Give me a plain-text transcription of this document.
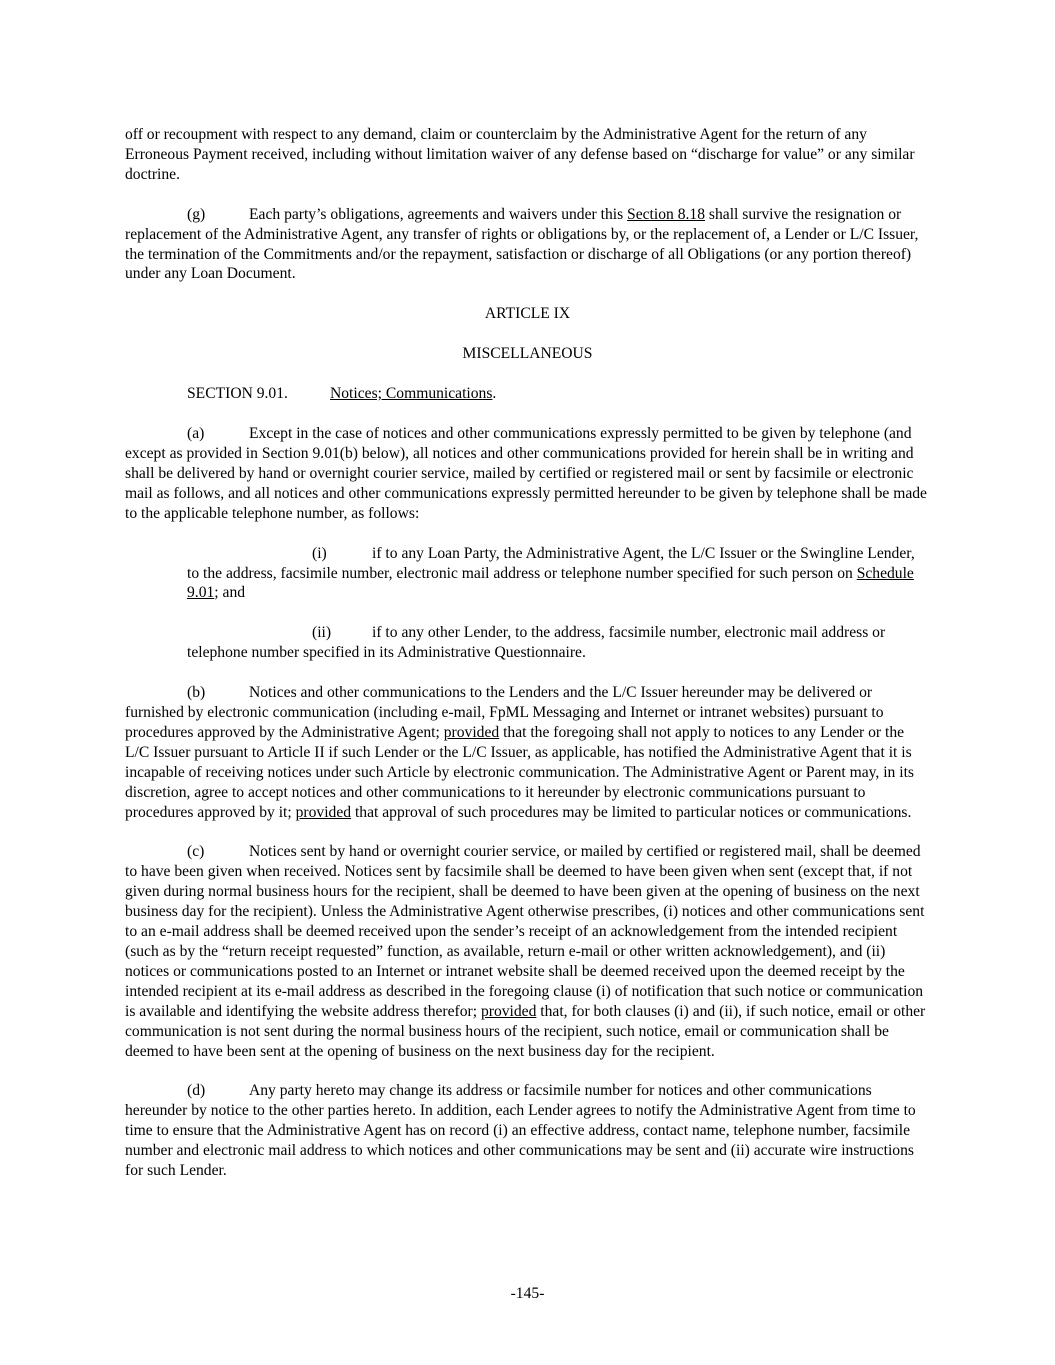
off or recoupment with respect to any demand, claim or counterclaim by the Administrative Agent for the return of any Erroneous Payment received, including without limitation waiver of any defense based on “discharge for value” or any similar doctrine.

(g)	Each party’s obligations, agreements and waivers under this Section 8.18 shall survive the resignation or replacement of the Administrative Agent, any transfer of rights or obligations by, or the replacement of, a Lender or L/C Issuer, the termination of the Commitments and/or the repayment, satisfaction or discharge of all Obligations (or any portion thereof) under any Loan Document.

ARTICLE IX

MISCELLANEOUS

SECTION 9.01.	Notices; Communications.

(a)	Except in the case of notices and other communications expressly permitted to be given by telephone (and except as provided in Section 9.01(b) below), all notices and other communications provided for herein shall be in writing and shall be delivered by hand or overnight courier service, mailed by certified or registered mail or sent by facsimile or electronic mail as follows, and all notices and other communications expressly permitted hereunder to be given by telephone shall be made to the applicable telephone number, as follows:

(i)	if to any Loan Party, the Administrative Agent, the L/C Issuer or the Swingline Lender, to the address, facsimile number, electronic mail address or telephone number specified for such person on Schedule 9.01; and

(ii)	if to any other Lender, to the address, facsimile number, electronic mail address or telephone number specified in its Administrative Questionnaire.

(b)	Notices and other communications to the Lenders and the L/C Issuer hereunder may be delivered or furnished by electronic communication (including e-mail, FpML Messaging and Internet or intranet websites) pursuant to procedures approved by the Administrative Agent; provided that the foregoing shall not apply to notices to any Lender or the L/C Issuer pursuant to Article II if such Lender or the L/C Issuer, as applicable, has notified the Administrative Agent that it is incapable of receiving notices under such Article by electronic communication. The Administrative Agent or Parent may, in its discretion, agree to accept notices and other communications to it hereunder by electronic communications pursuant to procedures approved by it; provided that approval of such procedures may be limited to particular notices or communications.

(c)	Notices sent by hand or overnight courier service, or mailed by certified or registered mail, shall be deemed to have been given when received. Notices sent by facsimile shall be deemed to have been given when sent (except that, if not given during normal business hours for the recipient, shall be deemed to have been given at the opening of business on the next business day for the recipient). Unless the Administrative Agent otherwise prescribes, (i) notices and other communications sent to an e-mail address shall be deemed received upon the sender’s receipt of an acknowledgement from the intended recipient (such as by the “return receipt requested” function, as available, return e-mail or other written acknowledgement), and (ii) notices or communications posted to an Internet or intranet website shall be deemed received upon the deemed receipt by the intended recipient at its e-mail address as described in the foregoing clause (i) of notification that such notice or communication is available and identifying the website address therefor; provided that, for both clauses (i) and (ii), if such notice, email or other communication is not sent during the normal business hours of the recipient, such notice, email or communication shall be deemed to have been sent at the opening of business on the next business day for the recipient.

(d)	Any party hereto may change its address or facsimile number for notices and other communications hereunder by notice to the other parties hereto. In addition, each Lender agrees to notify the Administrative Agent from time to time to ensure that the Administrative Agent has on record (i) an effective address, contact name, telephone number, facsimile number and electronic mail address to which notices and other communications may be sent and (ii) accurate wire instructions for such Lender.

-145-
